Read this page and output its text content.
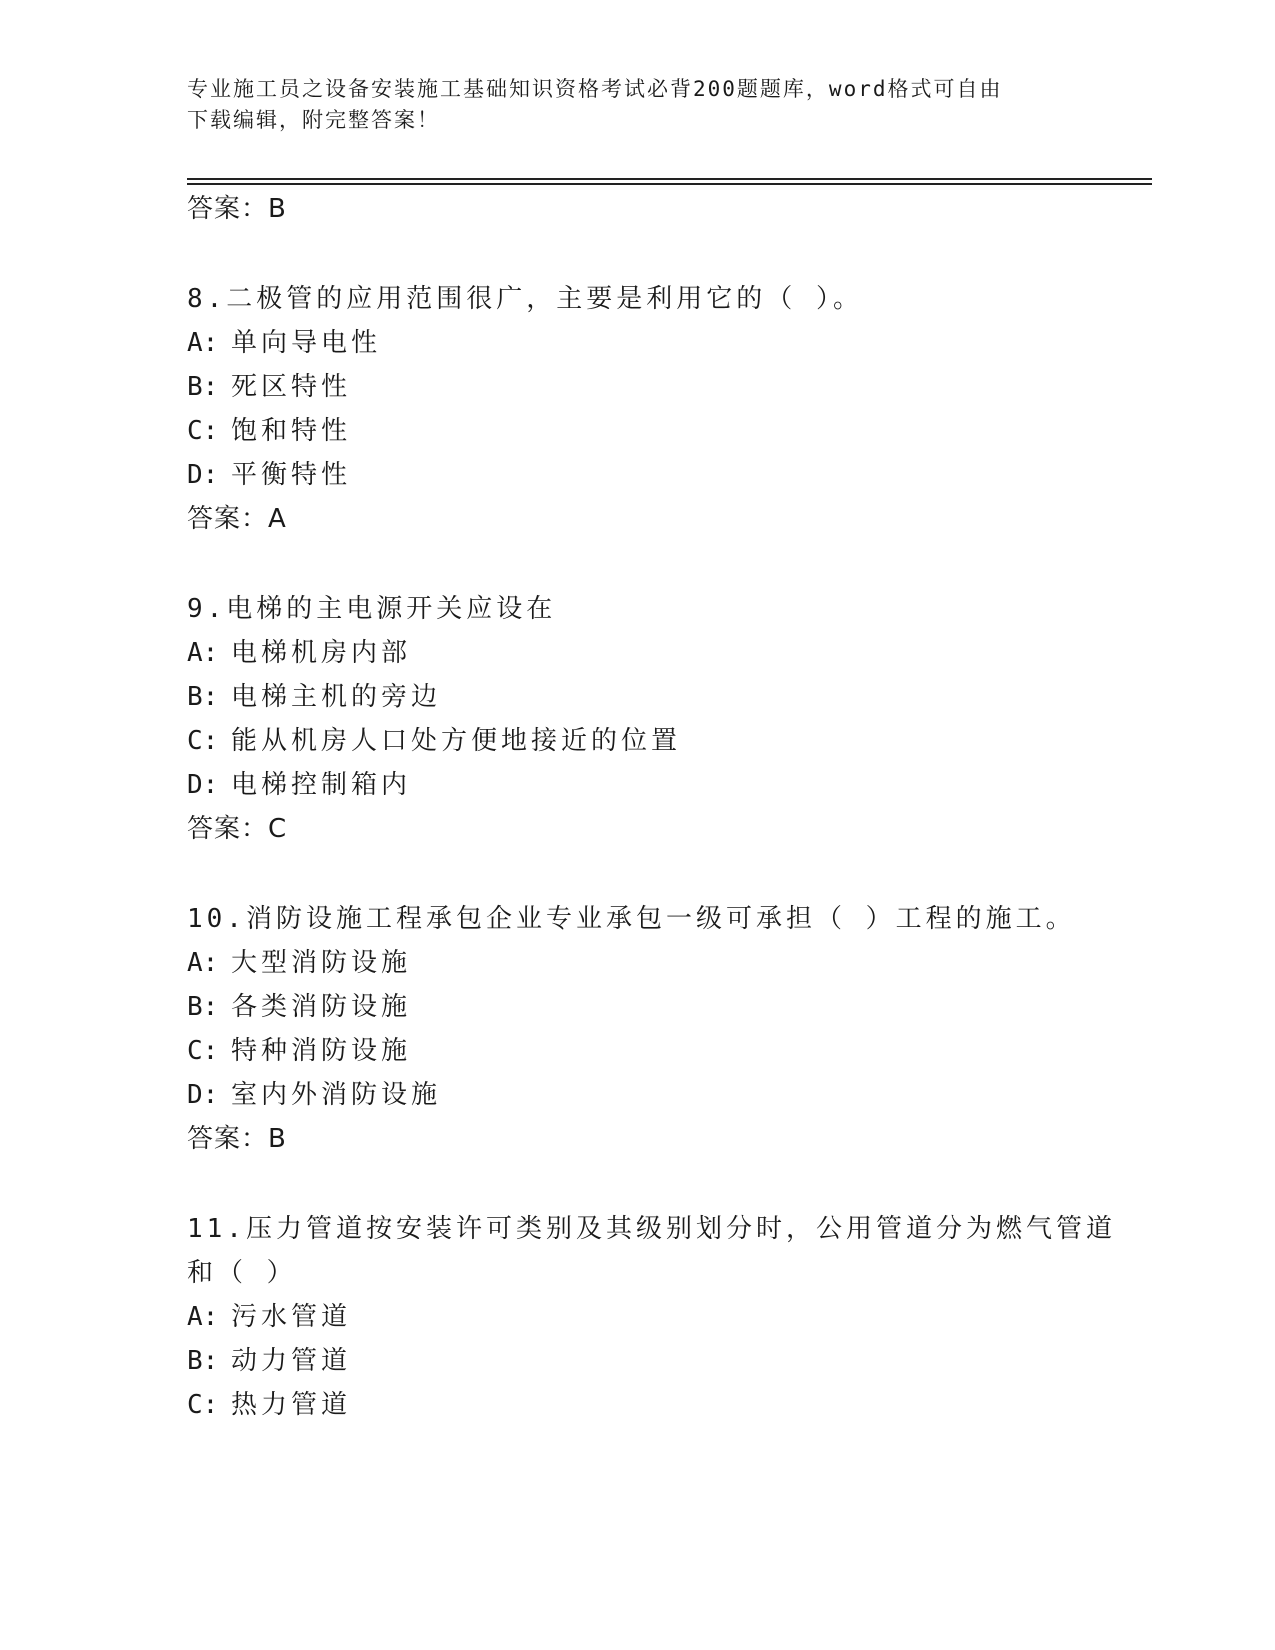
专业施工员之设备安装施工基础知识资格考试必背200题题库，word格式可自由
下载编辑，附完整答案！
答案：B
8.二极管的应用范围很广，主要是利用它的（ ）。
A: 单向导电性
B: 死区特性
C: 饱和特性
D: 平衡特性
答案：A
9.电梯的主电源开关应设在
A: 电梯机房内部
B: 电梯主机的旁边
C: 能从机房人口处方便地接近的位置
D: 电梯控制箱内
答案：C
10.消防设施工程承包企业专业承包一级可承担（ ）工程的施工。
A: 大型消防设施
B: 各类消防设施
C: 特种消防设施
D: 室内外消防设施
答案：B
11.压力管道按安装许可类别及其级别划分时，公用管道分为燃气管道
和（ ）
A: 污水管道
B: 动力管道
C: 热力管道
